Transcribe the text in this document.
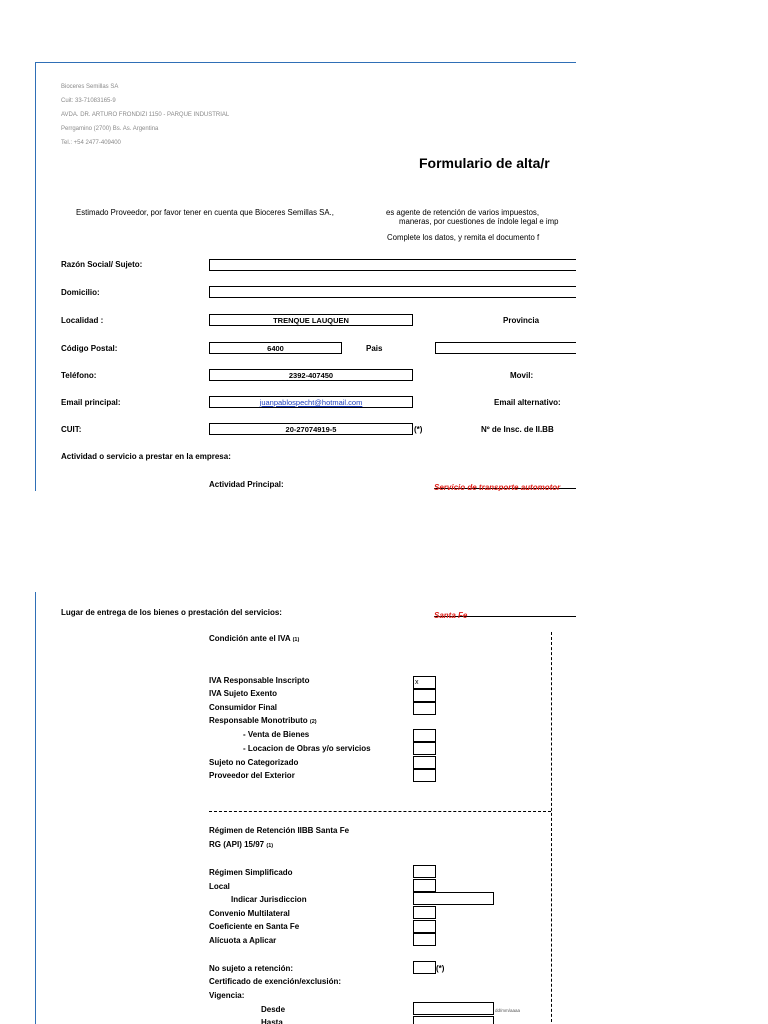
Bioceres Semillas SA
Cuit: 33-71083165-9
AVDA. DR. ARTURO FRONDIZI 1150 - PARQUE INDUSTRIAL
Perrgamino (2700) Bs. As. Argentina
Tel.: +54 2477-409400
Formulario de alta/r
Estimado Proveedor, por favor tener en cuenta que Bioceres Semillas SA.,	es agente de retención de varios impuestos,
maneras, por cuestiones de índole legal e imp
Complete los datos, y remita el documento f
Razón Social/ Sujeto:
Domicilio:
Localidad :	TRENQUE LAUQUEN	Provincia
Código Postal:	6400	Pais
Teléfono:	2392-407450	Movil:
Email principal:	juanpablospecht@hotmail.com	Email alternativo:
CUIT:	20-27074919-5	(*)	Nº de Insc. de II.BB
Actividad o servicio a prestar en la empresa:
Actividad Principal:	Servicio de transporte automotor
Lugar de entrega de los bienes o prestación del servicios:	Santa Fe
Condición ante el IVA (1)
IVA Responsable Inscripto	x
IVA Sujeto Exento
Consumidor Final
Responsable Monotributo (2)
- Venta de Bienes
- Locacion de Obras y/o servicios
Sujeto no Categorizado
Proveedor del Exterior
Régimen de Retención IIBB Santa Fe
RG (API) 15/97 (1)
Régimen Simplificado
Local
Indicar Jurisdiccion
Convenio Multilateral
Coeficiente en Santa Fe
Alícuota a Aplicar
No sujeto a retención:	(*)
Certificado de exención/exclusión:
Vigencia:
Desde	dd/mm/aaaa
Hasta
